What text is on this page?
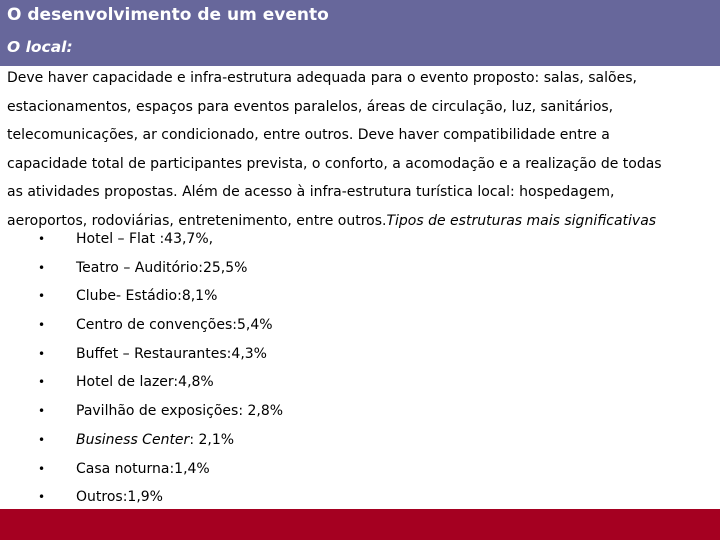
O desenvolvimento de um evento
O local:

Deve haver capacidade e infra-estrutura adequada para o evento proposto: salas, salões,

estacionamentos, espaços para eventos paralelos, áreas de circulação, luz, sanitários,

telecomunicações, ar condicionado, entre outros. Deve haver compatibilidade entre a

capacidade total de participantes prevista, o conforto, a acomodação e a realização de todas

as atividades propostas. Além de acesso à infra-estrutura turística local: hospedagem,

aeroportos, rodoviárias, entretenimento, entre outros.Tipos de estruturas mais significativas

• Hotel – Flat :43,7%,
• Teatro – Auditório:25,5%
• Clube- Estádio:8,1%
• Centro de convenções:5,4%
• Buffet – Restaurantes:4,3%
• Hotel de lazer:4,8%
• Pavilhão de exposições: 2,8%
• Business Center: 2,1%
• Casa noturna:1,4%
• Outros:1,9%
